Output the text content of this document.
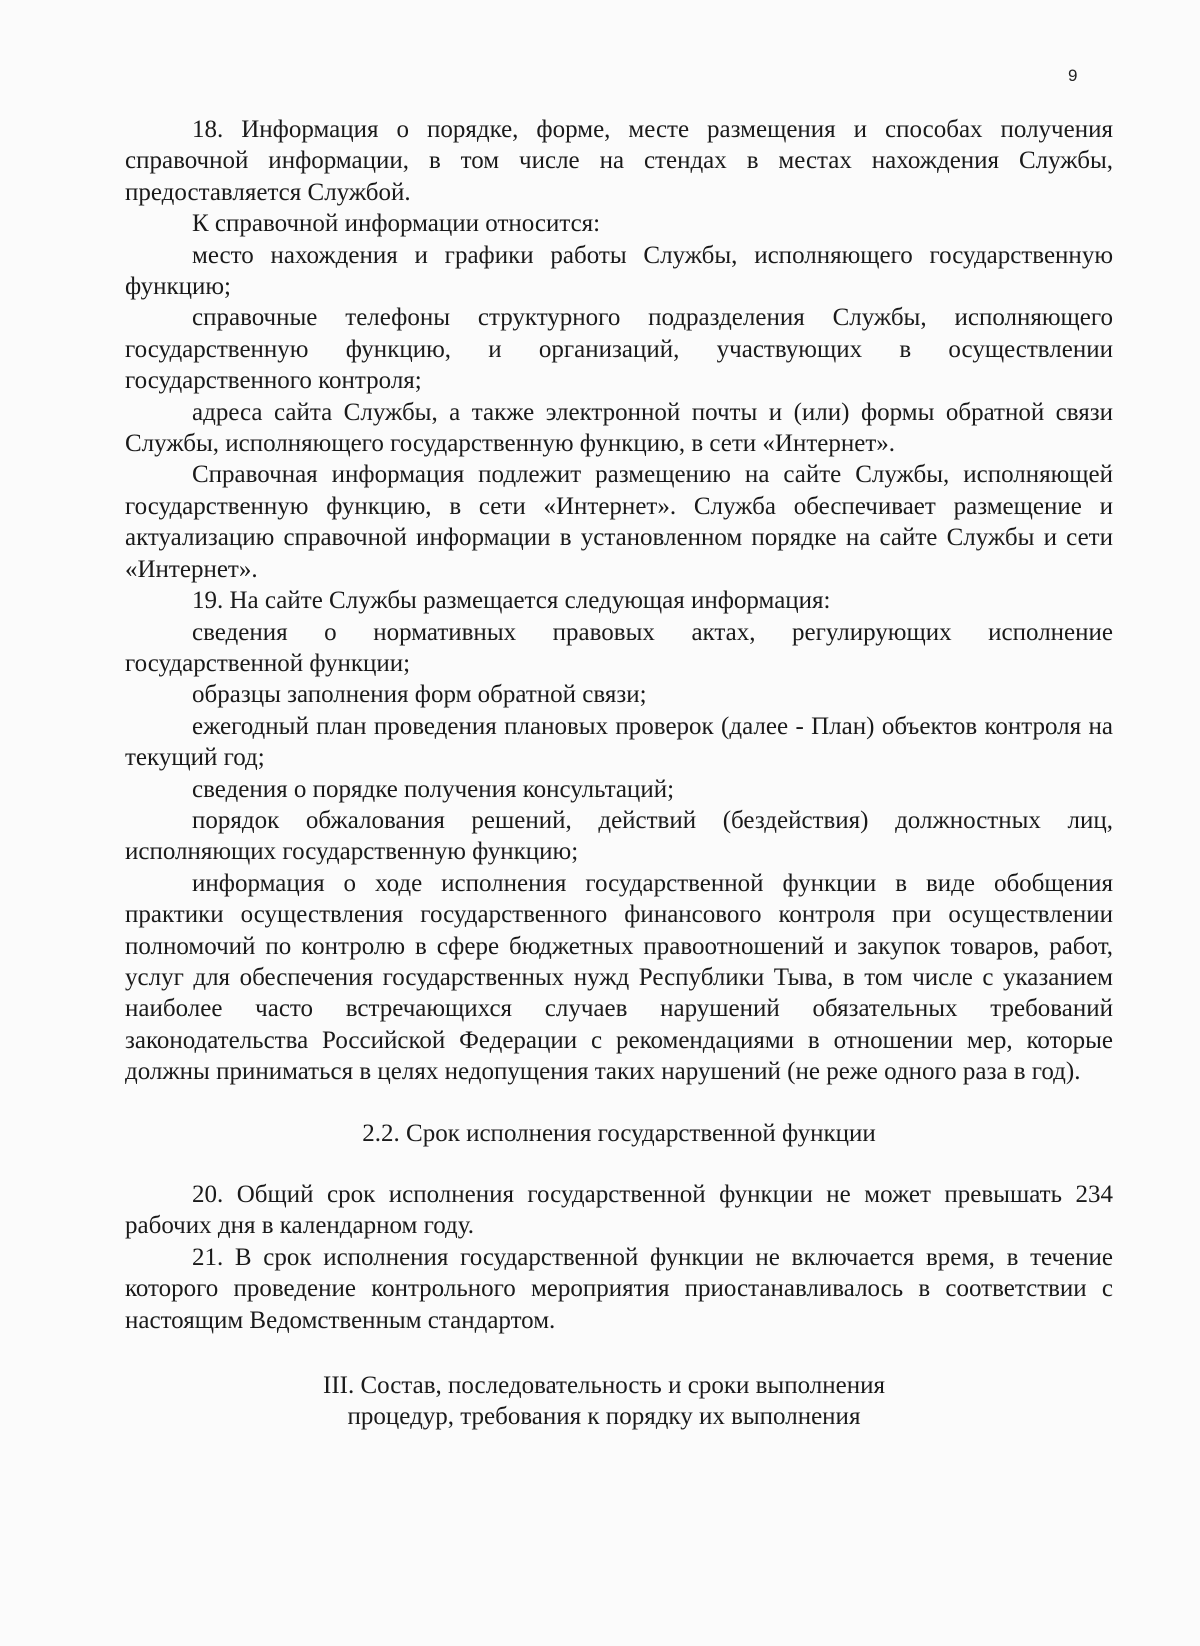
9

18. Информация о порядке, форме, месте размещения и способах получения справочной информации, в том числе на стендах в местах нахождения Службы, предоставляется Службой.

К справочной информации относится:

место нахождения и графики работы Службы, исполняющего государственную функцию;

справочные телефоны структурного подразделения Службы, исполняющего государственную функцию, и организаций, участвующих в осуществлении государственного контроля;

адреса сайта Службы, а также электронной почты и (или) формы обратной связи Службы, исполняющего государственную функцию, в сети «Интернет».

Справочная информация подлежит размещению на сайте Службы, исполняющей государственную функцию, в сети «Интернет». Служба обеспечивает размещение и актуализацию справочной информации в установленном порядке на сайте Службы и сети «Интернет».

19. На сайте Службы размещается следующая информация:

сведения о нормативных правовых актах, регулирующих исполнение государственной функции;

образцы заполнения форм обратной связи;

ежегодный план проведения плановых проверок (далее - План) объектов контроля на текущий год;

сведения о порядке получения консультаций;

порядок обжалования решений, действий (бездействия) должностных лиц, исполняющих государственную функцию;

информация о ходе исполнения государственной функции в виде обобщения практики осуществления государственного финансового контроля при осуществлении полномочий по контролю в сфере бюджетных правоотношений и закупок товаров, работ, услуг для обеспечения государственных нужд Республики Тыва, в том числе с указанием наиболее часто встречающихся случаев нарушений обязательных требований законодательства Российской Федерации с рекомендациями в отношении мер, которые должны приниматься в целях недопущения таких нарушений (не реже одного раза в год).

2.2. Срок исполнения государственной функции

20. Общий срок исполнения государственной функции не может превышать 234 рабочих дня в календарном году.

21. В срок исполнения государственной функции не включается время, в течение которого проведение контрольного мероприятия приостанавливалось в соответствии с настоящим Ведомственным стандартом.

III. Состав, последовательность и сроки выполнения
процедур, требования к порядку их выполнения
